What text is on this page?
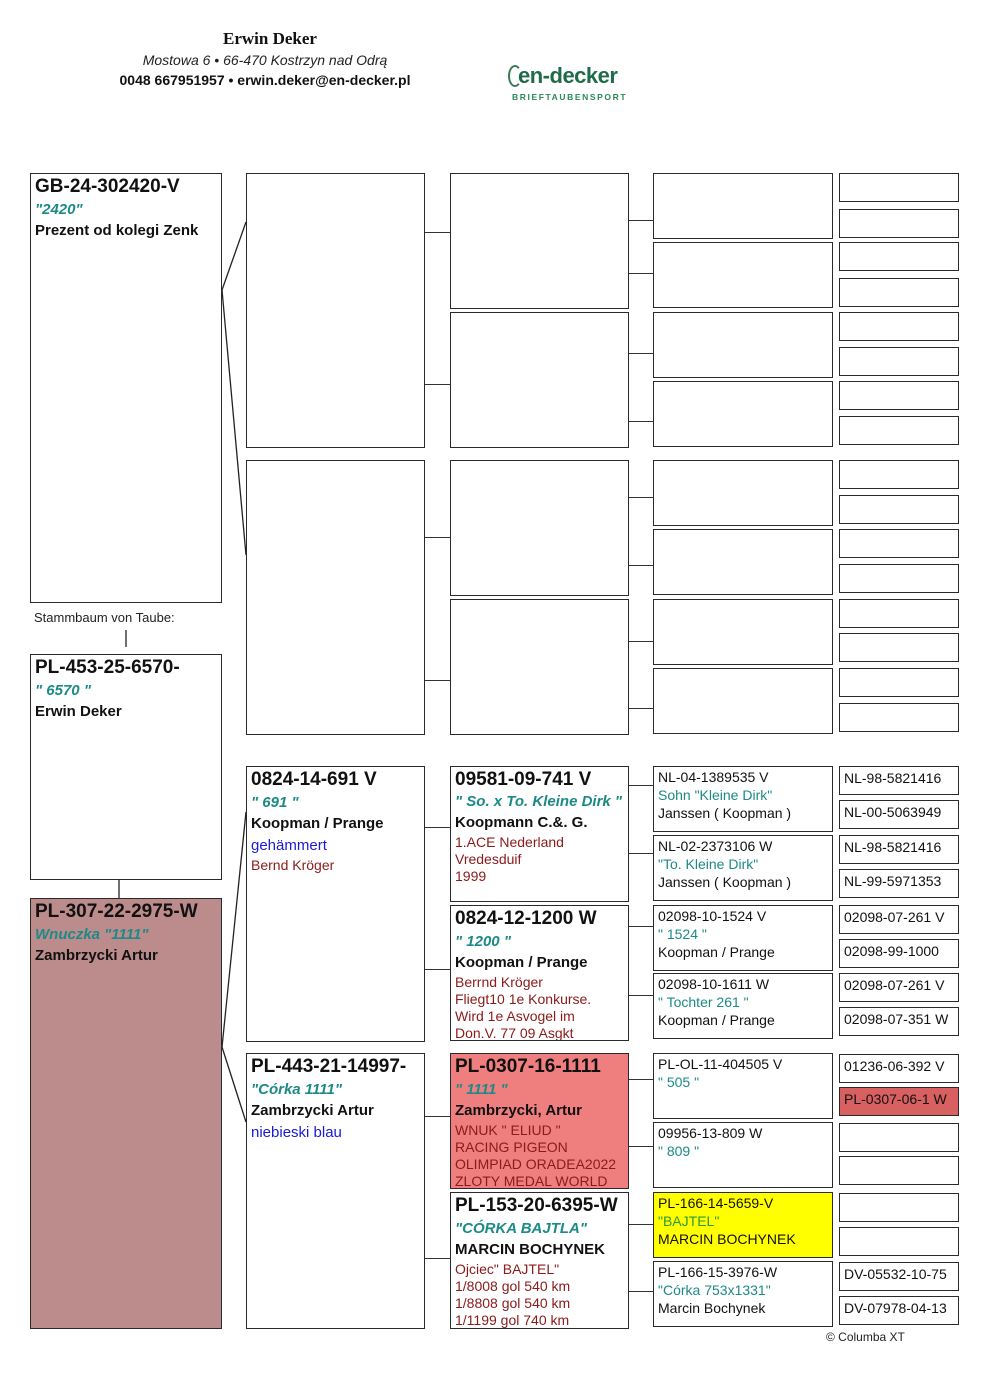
Erwin Deker
Mostowa 6 • 66-470 Kostrzyn nad Odrą
0048 667951957 • erwin.deker@en-decker.pl	en-decker
BRIEFTAUBENSPORT
GB-24-302420-V
"2420"
Prezent od kolegi Zenk
Stammbaum von Taube:
PL-453-25-6570-
" 6570 "
Erwin Deker
PL-307-22-2975-W
Wnuczka "1111"
Zambrzycki Artur
0824-14-691 V
" 691 "
Koopman / Prange
gehämmert
Bernd Kröger
PL-443-21-14997-
"Córka 1111"
Zambrzycki Artur
niebieski blau
09581-09-741 V
" So. x To. Kleine Dirk "
Koopmann C.&. G.
1.ACE Nederland
Vredesduif
1999
0824-12-1200 W
" 1200 "
Koopman / Prange
Berrnd Kröger
Fliegt10 1e Konkurse.
Wird 1e Asvogel im
Don.V. 77 09 Asgkt
PL-0307-16-1111
" 1111 "
Zambrzycki, Artur
WNUK " ELIUD "
RACING PIGEON
OLIMPIAD ORADEA2022
ZLOTY MEDAL WORLD
PL-153-20-6395-W
"CÓRKA BAJTLA"
MARCIN BOCHYNEK
Ojciec" BAJTEL"
1/8008 gol 540 km
1/8808 gol 540 km
1/1199 gol 740 km
NL-04-1389535 V
Sohn "Kleine Dirk"
Janssen ( Koopman )
NL-02-2373106 W
"To. Kleine Dirk"
Janssen ( Koopman )
02098-10-1524 V
" 1524 "
Koopman / Prange
02098-10-1611 W
" Tochter 261 "
Koopman / Prange
PL-OL-11-404505 V
" 505 "
09956-13-809 W
" 809 "
PL-166-14-5659-V
"BAJTEL"
MARCIN BOCHYNEK
PL-166-15-3976-W
"Córka 753x1331"
Marcin Bochynek
NL-98-5821416
NL-00-5063949
NL-98-5821416
NL-99-5971353
02098-07-261 V
02098-99-1000
02098-07-261 V
02098-07-351 W
01236-06-392 V
PL-0307-06-1 W
DV-05532-10-75
DV-07978-04-13
© Columba XT
